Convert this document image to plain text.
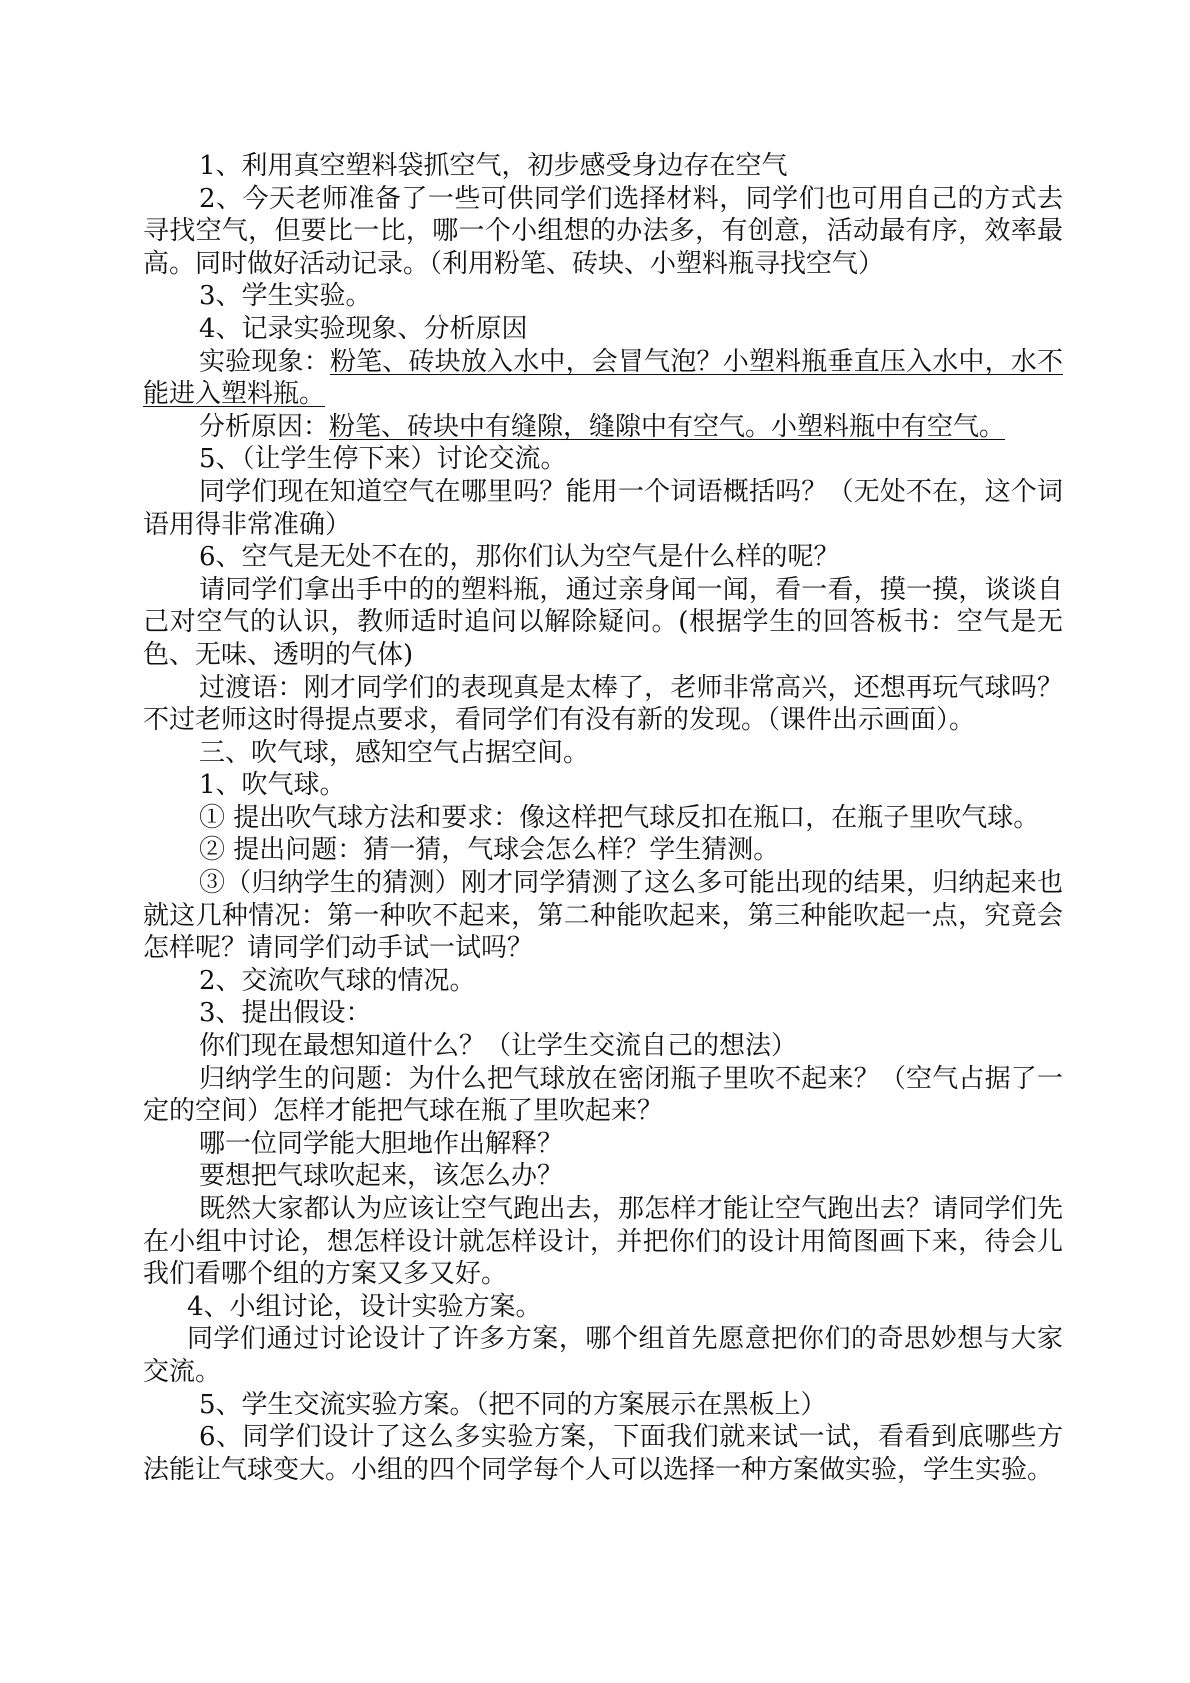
1、利用真空塑料袋抓空气，初步感受身边存在空气

2、今天老师准备了一些可供同学们选择材料，同学们也可用自己的方式去寻找空气，但要比一比，哪一个小组想的办法多，有创意，活动最有序，效率最高。同时做好活动记录。（利用粉笔、砖块、小塑料瓶寻找空气）

3、学生实验。

4、记录实验现象、分析原因

实验现象：粉笔、砖块放入水中，会冒气泡？小塑料瓶垂直压入水中，水不能进入塑料瓶。

分析原因：粉笔、砖块中有缝隙，缝隙中有空气。小塑料瓶中有空气。

5、（让学生停下来）讨论交流。

同学们现在知道空气在哪里吗？能用一个词语概括吗？（无处不在，这个词语用得非常准确）

6、空气是无处不在的，那你们认为空气是什么样的呢？

请同学们拿出手中的的塑料瓶，通过亲身闻一闻，看一看，摸一摸，谈谈自己对空气的认识，教师适时追问以解除疑问。(根据学生的回答板书：空气是无色、无味、透明的气体)

过渡语：刚才同学们的表现真是太棒了，老师非常高兴，还想再玩气球吗？不过老师这时得提点要求，看同学们有没有新的发现。（课件出示画面）。

三、吹气球，感知空气占据空间。

1、吹气球。

① 提出吹气球方法和要求：像这样把气球反扣在瓶口，在瓶子里吹气球。

② 提出问题：猜一猜，气球会怎么样？学生猜测。

③（归纳学生的猜测）刚才同学猜测了这么多可能出现的结果，归纳起来也就这几种情况：第一种吹不起来，第二种能吹起来，第三种能吹起一点，究竟会怎样呢？请同学们动手试一试吗？

2、交流吹气球的情况。

3、提出假设：

你们现在最想知道什么？（让学生交流自己的想法）

归纳学生的问题：为什么把气球放在密闭瓶子里吹不起来？（空气占据了一定的空间）怎样才能把气球在瓶了里吹起来？

哪一位同学能大胆地作出解释？

要想把气球吹起来，该怎么办？

既然大家都认为应该让空气跑出去，那怎样才能让空气跑出去？请同学们先在小组中讨论，想怎样设计就怎样设计，并把你们的设计用简图画下来，待会儿我们看哪个组的方案又多又好。

4、小组讨论，设计实验方案。

同学们通过讨论设计了许多方案，哪个组首先愿意把你们的奇思妙想与大家交流。

5、学生交流实验方案。（把不同的方案展示在黑板上）

6、同学们设计了这么多实验方案，下面我们就来试一试，看看到底哪些方法能让气球变大。小组的四个同学每个人可以选择一种方案做实验，学生实验。
